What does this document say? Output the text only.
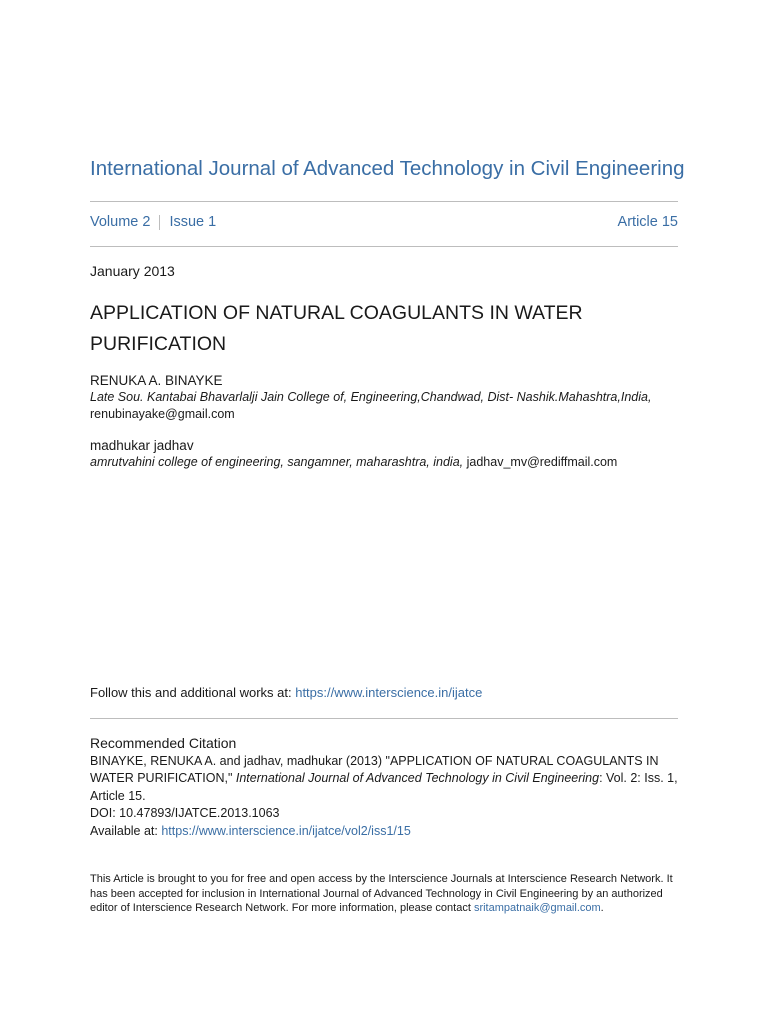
International Journal of Advanced Technology in Civil Engineering
Volume 2 Issue 1	Article 15
January 2013
APPLICATION OF NATURAL COAGULANTS IN WATER PURIFICATION
RENUKA A. BINAYKE
Late Sou. Kantabai Bhavarlalji Jain College of, Engineering,Chandwad, Dist- Nashik.Mahashtra,India,
renubinayake@gmail.com
madhukar jadhav
amrutvahini college of engineering, sangamner, maharashtra, india, jadhav_mv@rediffmail.com
Follow this and additional works at: https://www.interscience.in/ijatce
Recommended Citation
BINAYKE, RENUKA A. and jadhav, madhukar (2013) "APPLICATION OF NATURAL COAGULANTS IN WATER PURIFICATION," International Journal of Advanced Technology in Civil Engineering: Vol. 2: Iss. 1, Article 15.
DOI: 10.47893/IJATCE.2013.1063
Available at: https://www.interscience.in/ijatce/vol2/iss1/15
This Article is brought to you for free and open access by the Interscience Journals at Interscience Research Network. It has been accepted for inclusion in International Journal of Advanced Technology in Civil Engineering by an authorized editor of Interscience Research Network. For more information, please contact sritampatnaik@gmail.com.
